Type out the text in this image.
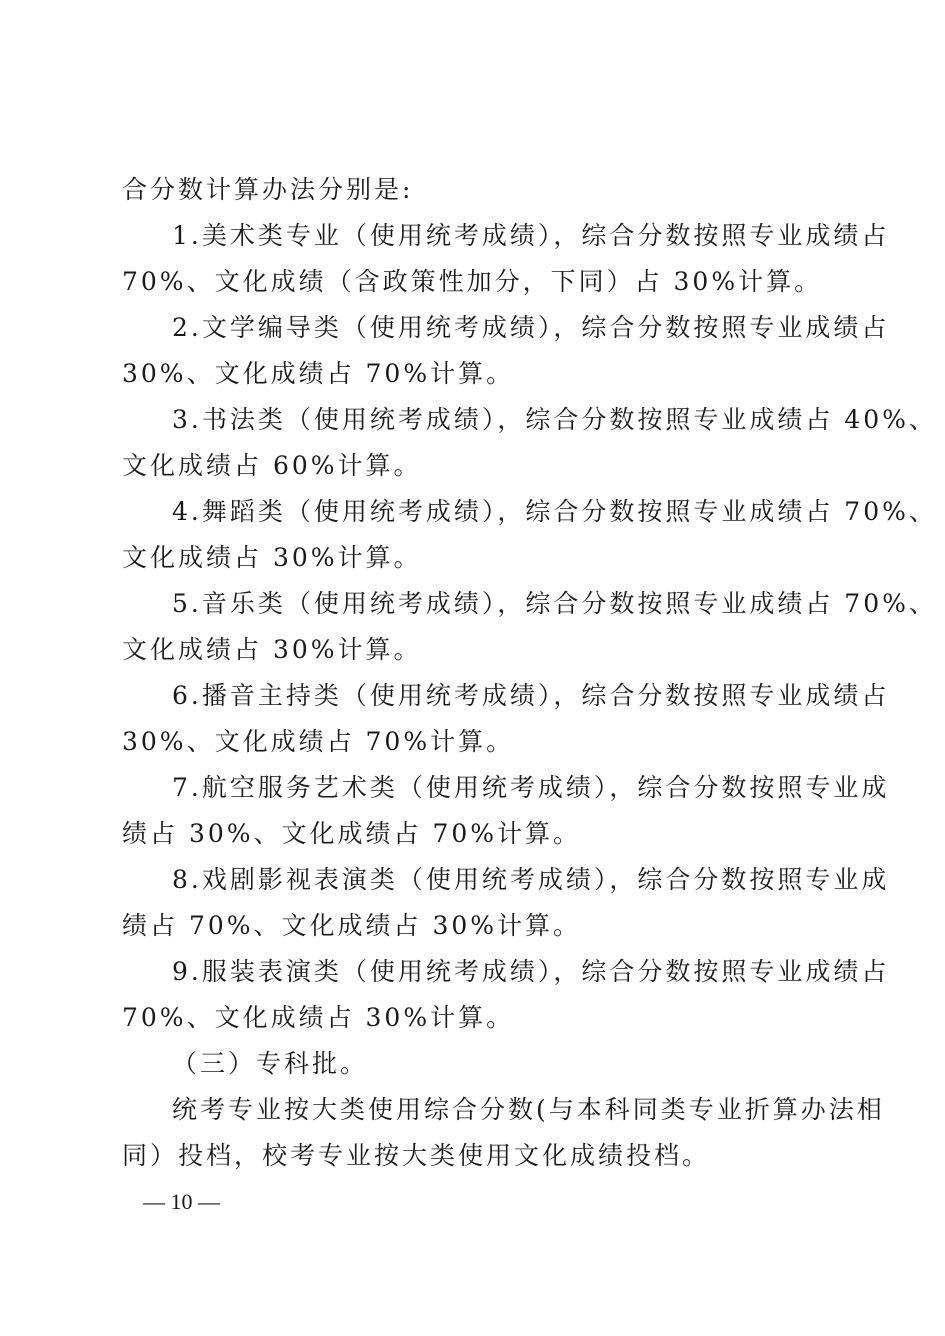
合分数计算办法分别是:
1.美术类专业（使用统考成绩），综合分数按照专业成绩占
70%、文化成绩（含政策性加分，下同）占 30%计算。
2.文学编导类（使用统考成绩），综合分数按照专业成绩占
30%、文化成绩占 70%计算。
3.书法类（使用统考成绩），综合分数按照专业成绩占 40%、
文化成绩占 60%计算。
4.舞蹈类（使用统考成绩），综合分数按照专业成绩占 70%、
文化成绩占 30%计算。
5.音乐类（使用统考成绩），综合分数按照专业成绩占 70%、
文化成绩占 30%计算。
6.播音主持类（使用统考成绩），综合分数按照专业成绩占
30%、文化成绩占 70%计算。
7.航空服务艺术类（使用统考成绩），综合分数按照专业成
绩占 30%、文化成绩占 70%计算。
8.戏剧影视表演类（使用统考成绩），综合分数按照专业成
绩占 70%、文化成绩占 30%计算。
9.服装表演类（使用统考成绩），综合分数按照专业成绩占
70%、文化成绩占 30%计算。
（三）专科批。
统考专业按大类使用综合分数(与本科同类专业折算办法相
同）投档，校考专业按大类使用文化成绩投档。
— 10 —
